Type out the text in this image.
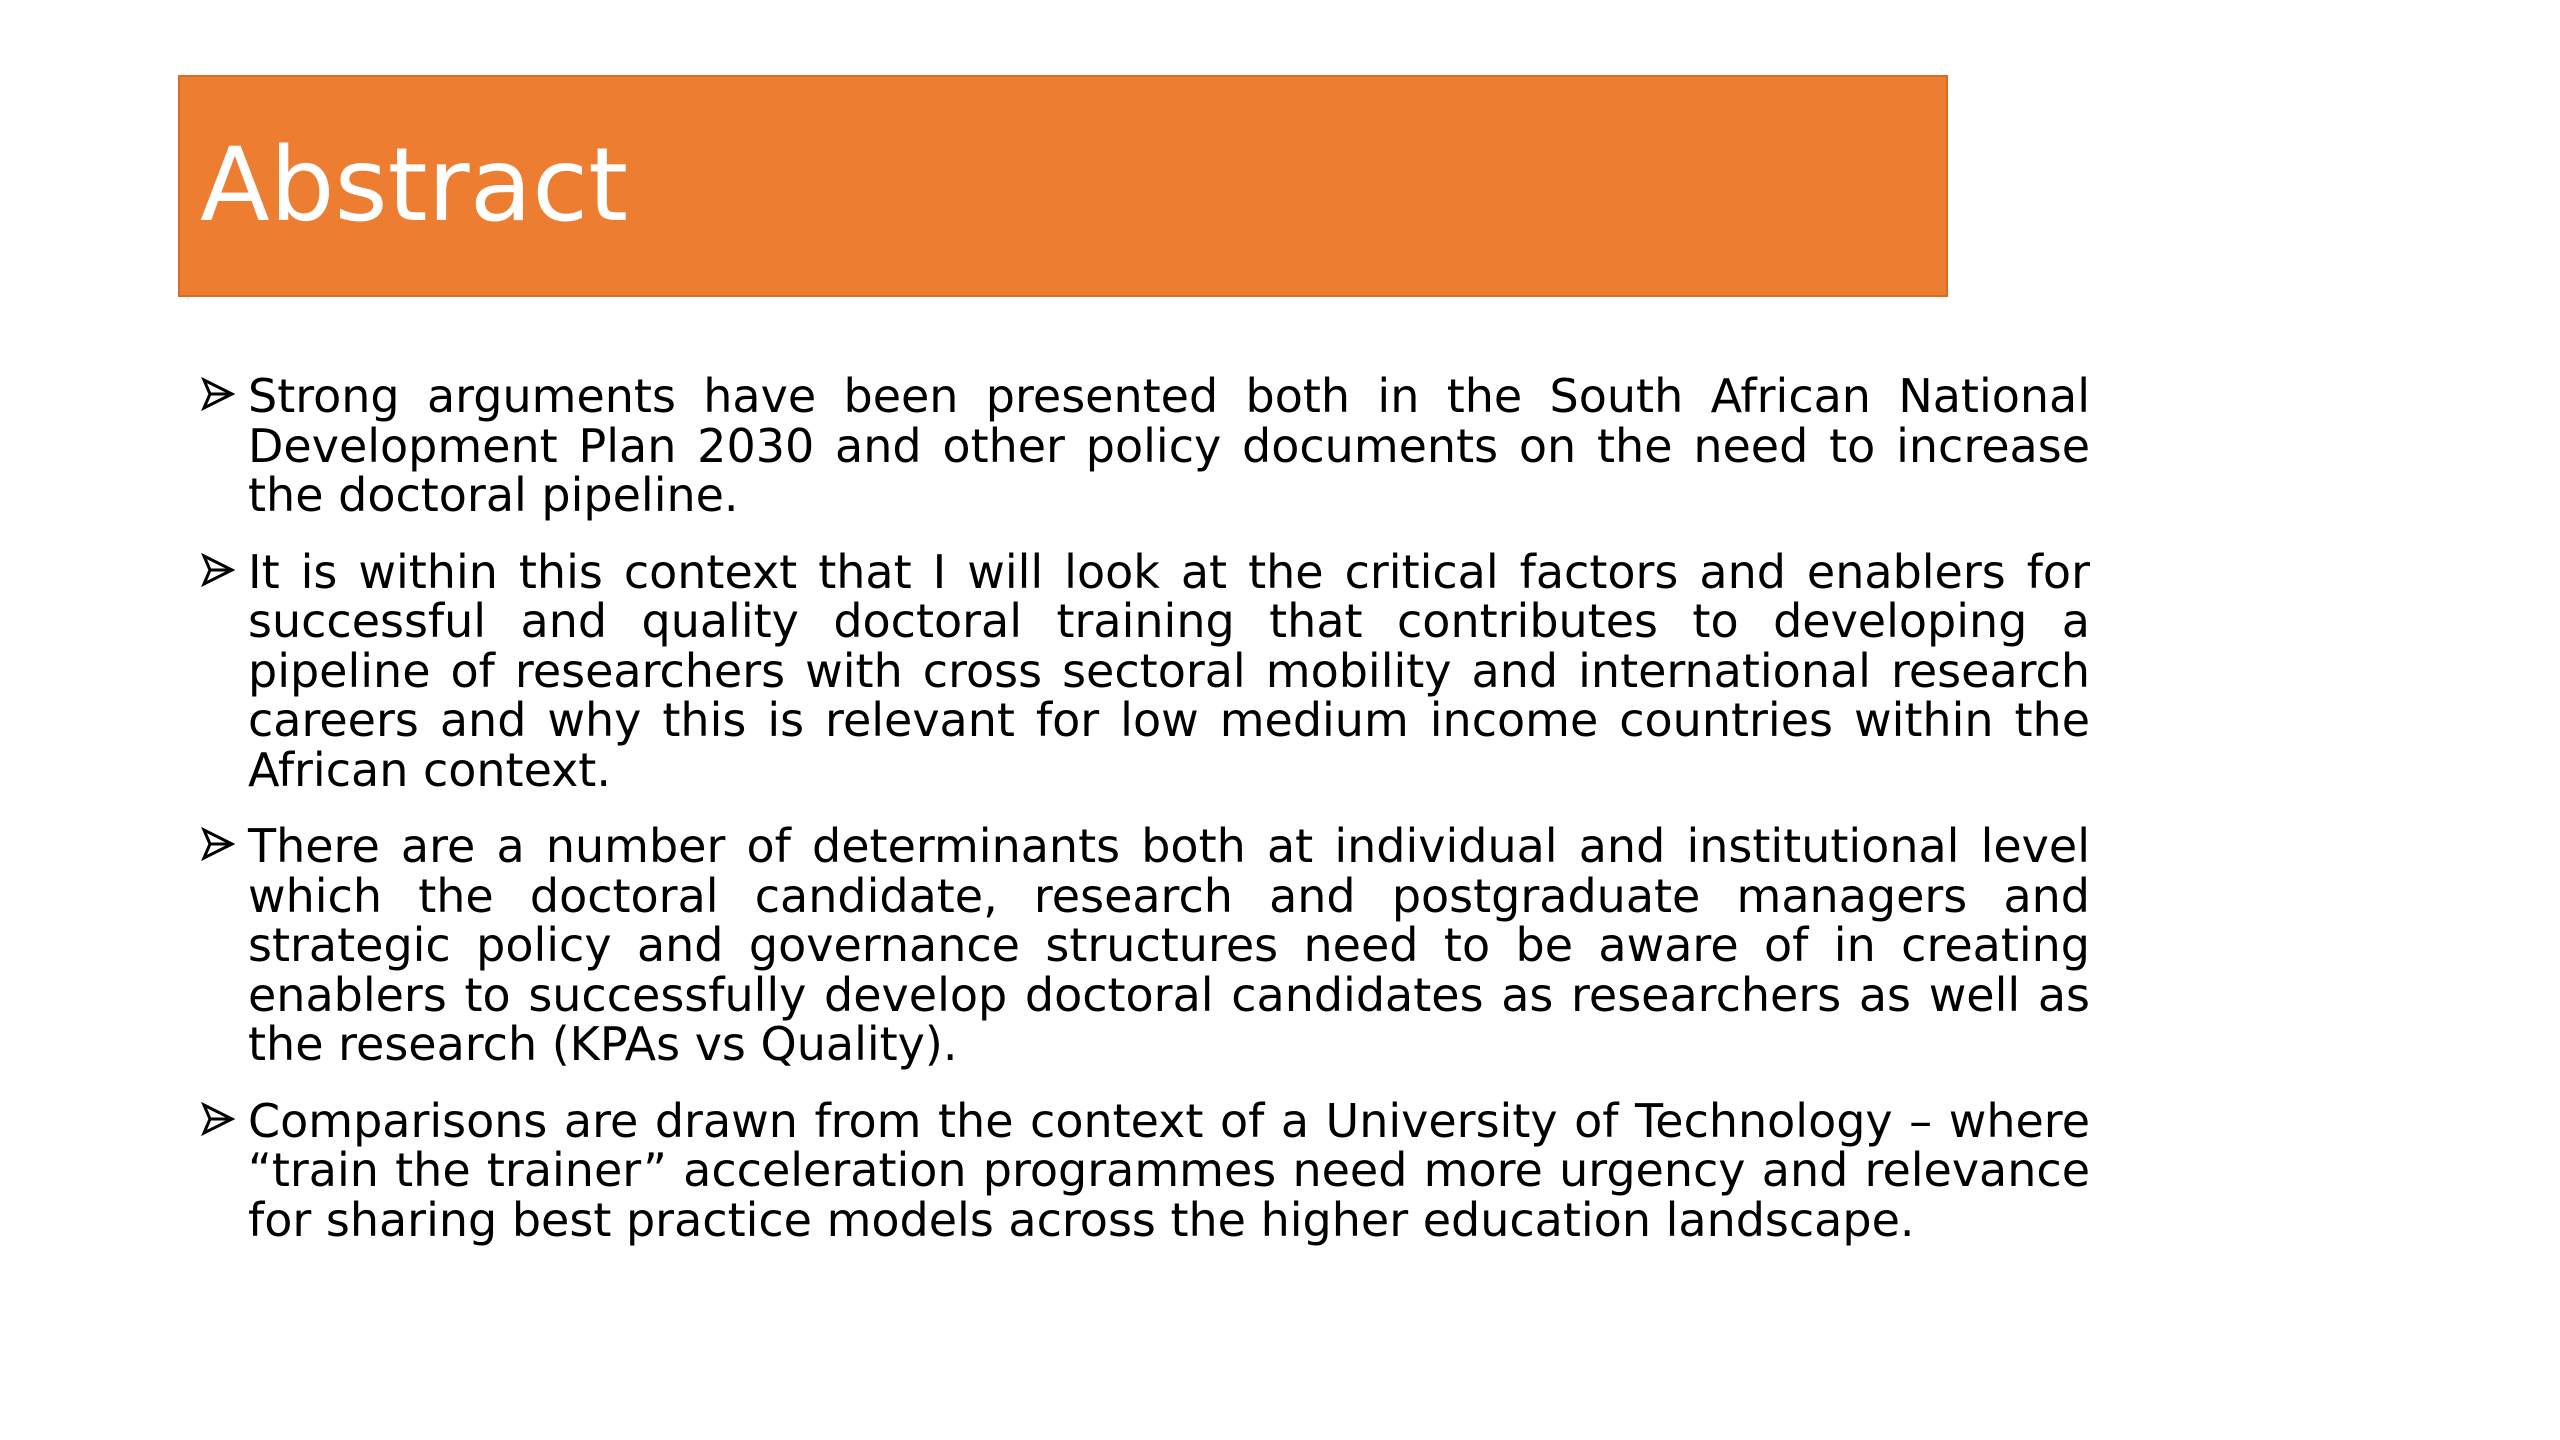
Abstract

Strong arguments have been presented both in the South African National Development Plan 2030 and other policy documents on the need to increase the doctoral pipeline.

It is within this context that I will look at the critical factors and enablers for successful and quality doctoral training that contributes to developing a pipeline of researchers with cross sectoral mobility and international research careers and why this is relevant for low medium income countries within the African context.

There are a number of determinants both at individual and institutional level which the doctoral candidate, research and postgraduate managers and strategic policy and governance structures need to be aware of in creating enablers to successfully develop doctoral candidates as researchers as well as the research (KPAs vs Quality).

Comparisons are drawn from the context of a University of Technology – where “train the trainer” acceleration programmes need more urgency and relevance for sharing best practice models across the higher education landscape.
